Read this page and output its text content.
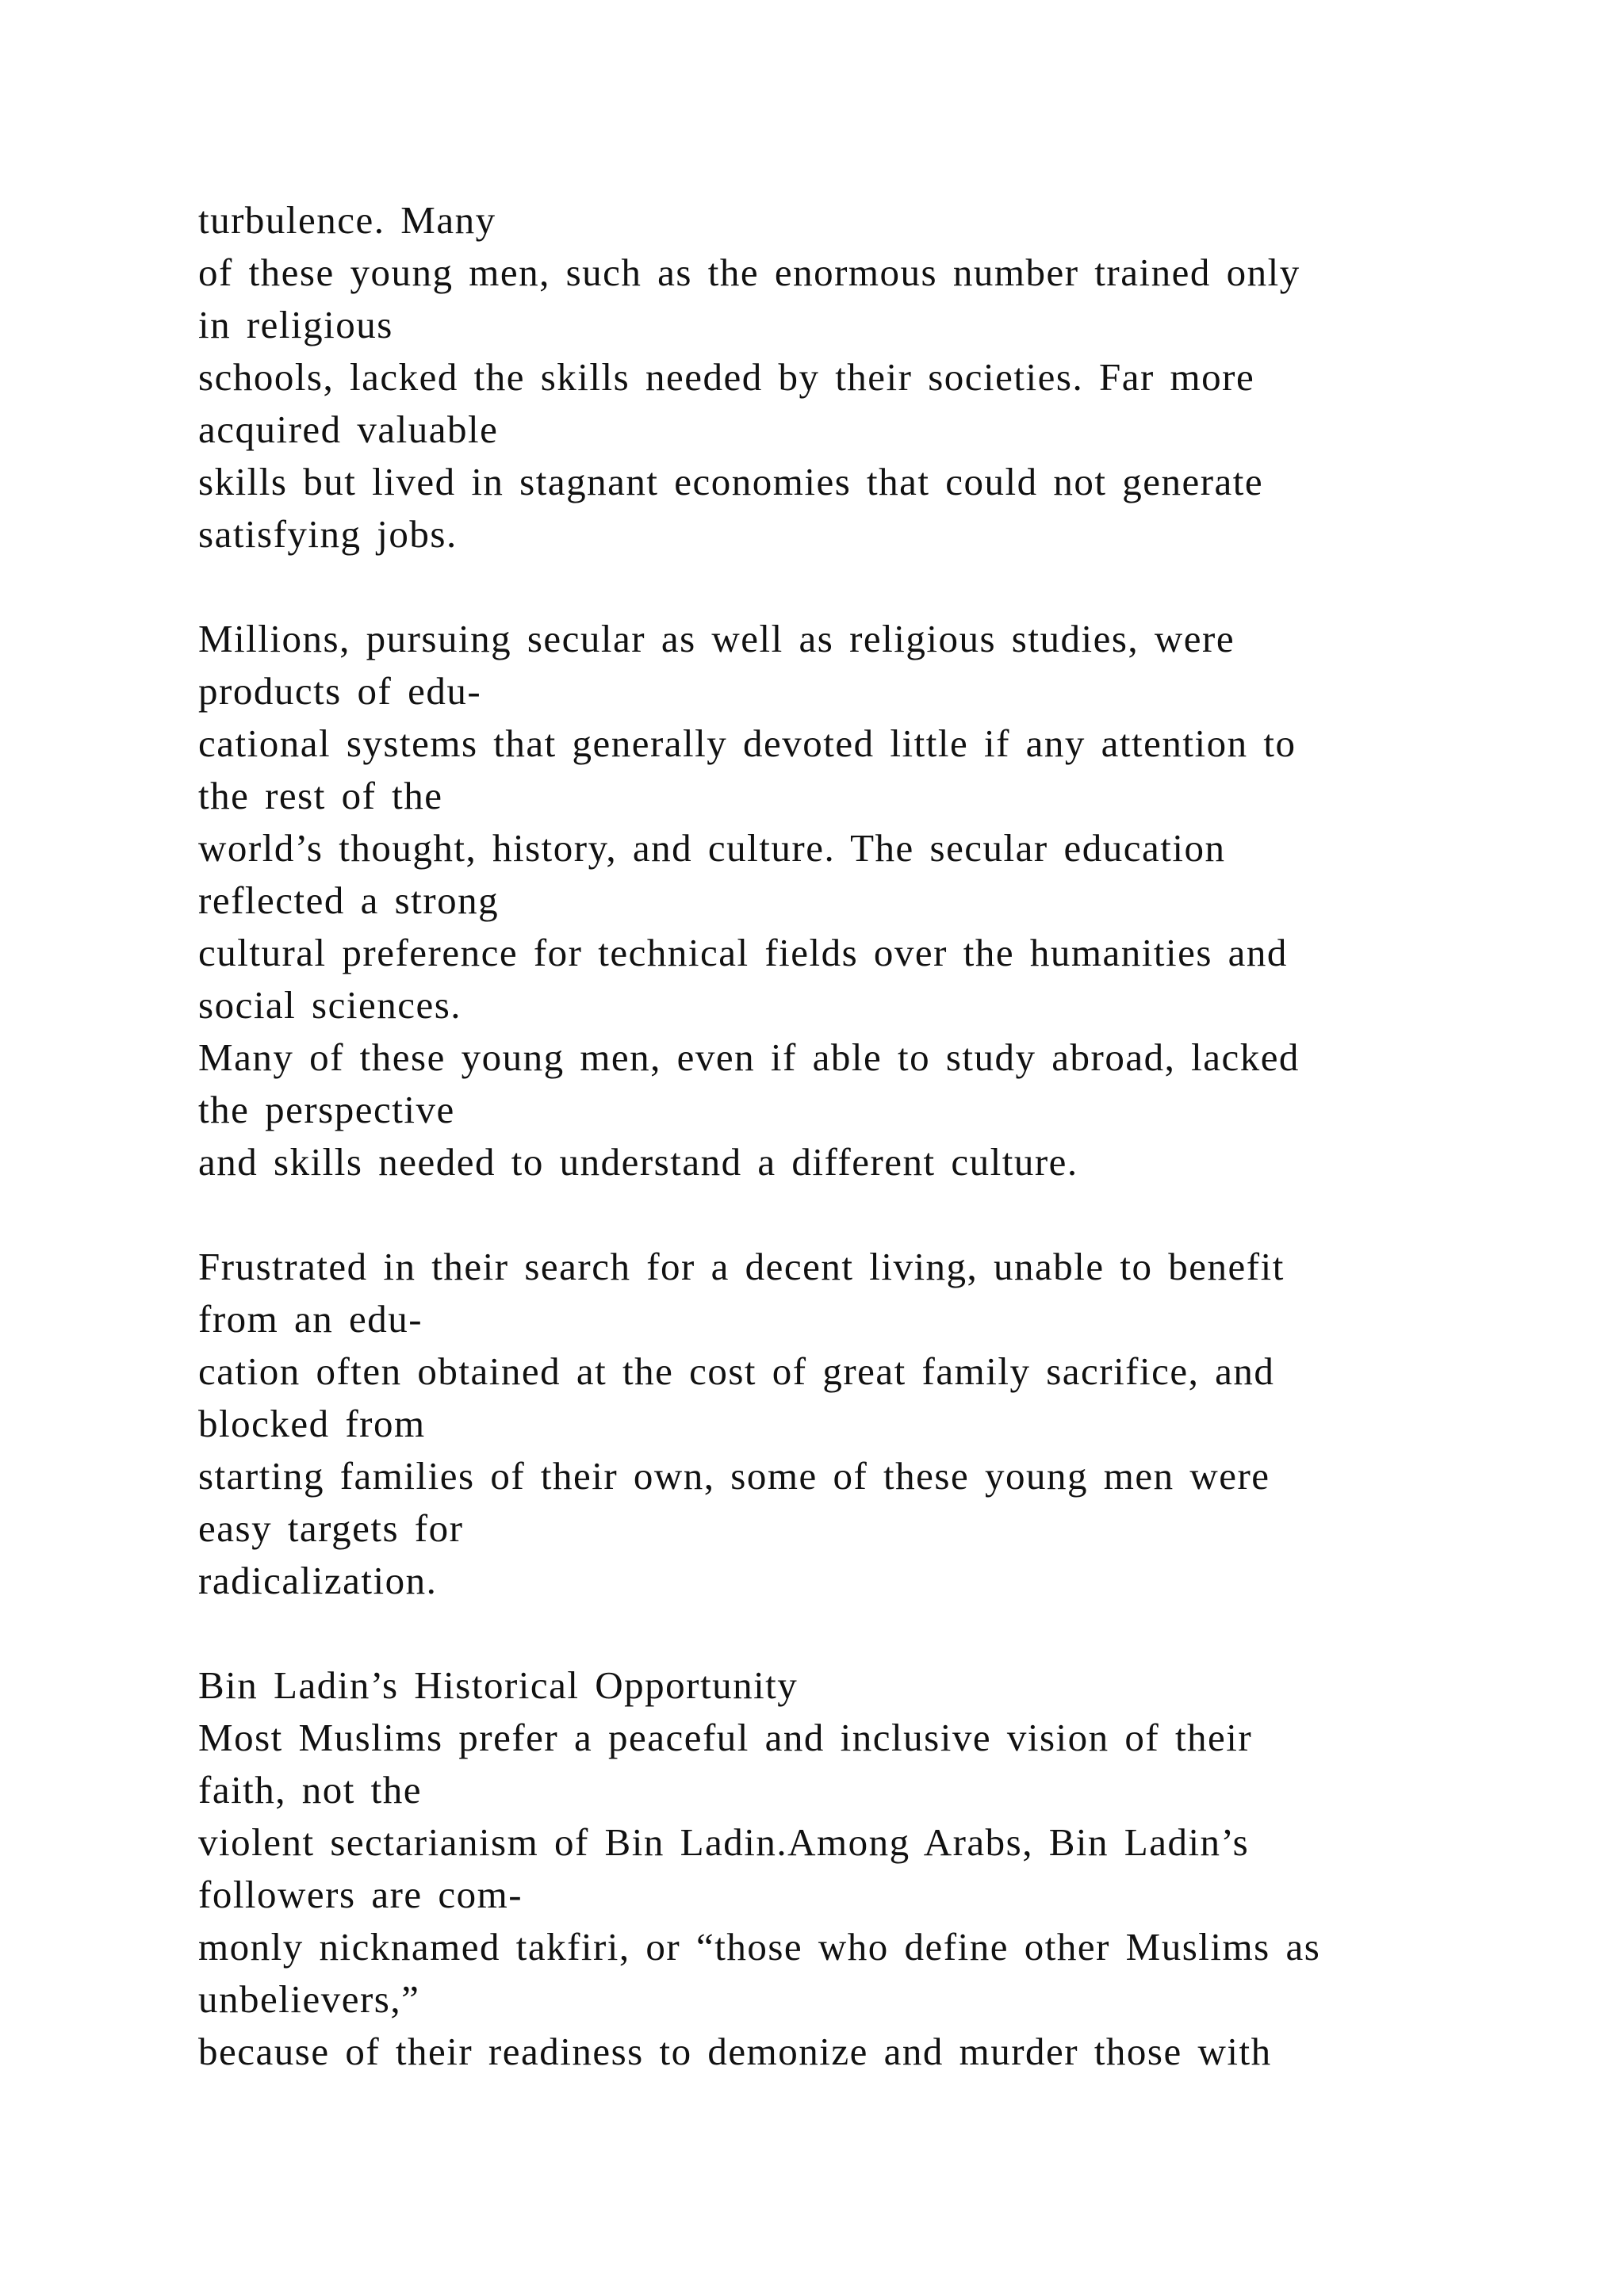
turbulence. Many
of these young men, such as the enormous number trained only
in religious
schools, lacked the skills needed by their societies. Far more
acquired valuable
skills but lived in stagnant economies that could not generate
satisfying jobs.
Millions, pursuing secular as well as religious studies, were
products of edu-
cational systems that generally devoted little if any attention to
the rest of the
world’s thought, history, and culture. The secular education
reflected a strong
cultural preference for technical fields over the humanities and
social sciences.
Many of these young men, even if able to study abroad, lacked
the perspective
and skills needed to understand a different culture.
Frustrated in their search for a decent living, unable to benefit
from an edu-
cation often obtained at the cost of great family sacrifice, and
blocked from
starting families of their own, some of these young men were
easy targets for
radicalization.
Bin Ladin’s Historical Opportunity
Most Muslims prefer a peaceful and inclusive vision of their
faith, not the
violent sectarianism of Bin Ladin.Among Arabs, Bin Ladin’s
followers are com-
monly nicknamed takfiri, or “those who define other Muslims as
unbelievers,”
because of their readiness to demonize and murder those with
